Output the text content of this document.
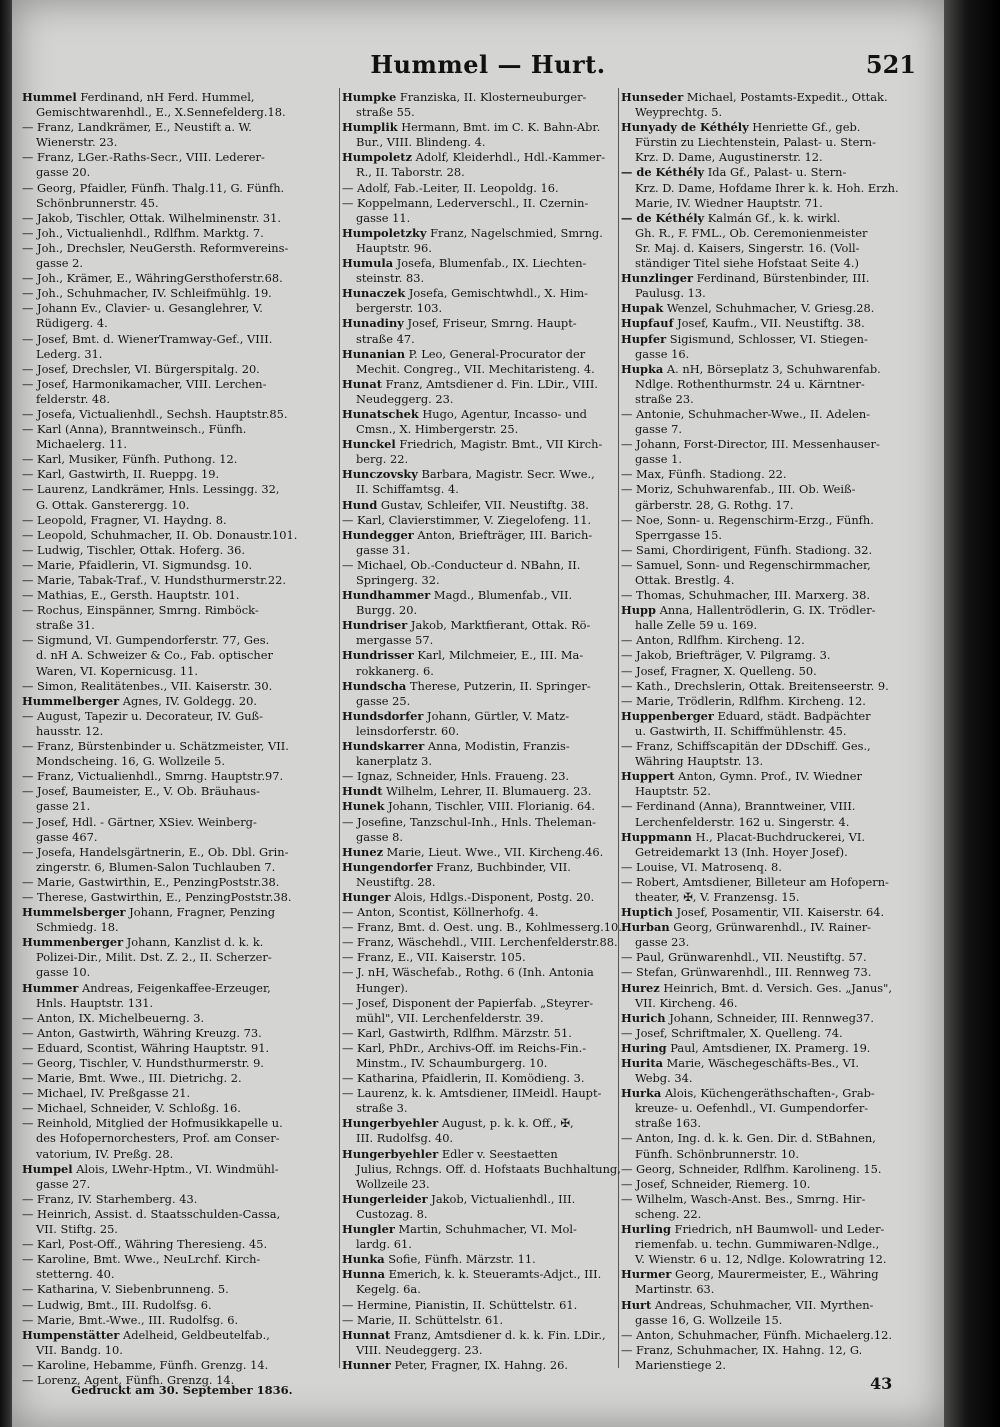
Hummel — Hurt.	521
Hummel Ferdinand, nH Ferd. Hummel,
Gemischtwarenhdl., E., X.Sennefelderg.18.
— Franz, Landkrämer, E., Neustift a. W.
Wienerstr. 23.
— Franz, LGer.-Raths-Secr., VIII. Lederer-
gasse 20.
— Georg, Pfaidler, Fünfh. Thalg.11, G. Fünfh.
Schönbrunnerstr. 45.
— Jakob, Tischler, Ottak. Wilhelminenstr. 31.
— Joh., Victualienhdl., Rdlfhm. Marktg. 7.
— Joh., Drechsler, NeuGersth. Reformvereins-
gasse 2.
— Joh., Krämer, E., WähringGersthoferstr.68.
— Joh., Schuhmacher, IV. Schleifmühlg. 19.
— Johann Ev., Clavier- u. Gesanglehrer, V.
Rüdigerg. 4.
— Josef, Bmt. d. WienerTramway-Gef., VIII.
Lederg. 31.
— Josef, Drechsler, VI. Bürgerspitalg. 20.
— Josef, Harmonikamacher, VIII. Lerchen-
felderstr. 48.
— Josefa, Victualienhdl., Sechsh. Hauptstr.85.
— Karl (Anna), Branntweinsch., Fünfh.
Michaelerg. 11.
— Karl, Musiker, Fünfh. Puthong. 12.
— Karl, Gastwirth, II. Rueppg. 19.
— Laurenz, Landkrämer, Hnls. Lessingg. 32,
G. Ottak. Gansterergg. 10.
— Leopold, Fragner, VI. Haydng. 8.
— Leopold, Schuhmacher, II. Ob. Donaustr.101.
— Ludwig, Tischler, Ottak. Hoferg. 36.
— Marie, Pfaidlerin, VI. Sigmundsg. 10.
— Marie, Tabak-Traf., V. Hundsthurmerstr.22.
— Mathias, E., Gersth. Hauptstr. 101.
— Rochus, Einspänner, Smrng. Rimböck-
straße 31.
— Sigmund, VI. Gumpendorferstr. 77, Ges.
d. nH A. Schweizer & Co., Fab. optischer
Waren, VI. Kopernicusg. 11.
— Simon, Realitätenbes., VII. Kaiserstr. 30.
Hummelberger Agnes, IV. Goldegg. 20.
— August, Tapezir u. Decorateur, IV. Guß-
hausstr. 12.
— Franz, Bürstenbinder u. Schätzmeister, VII.
Mondscheing. 16, G. Wollzeile 5.
— Franz, Victualienhdl., Smrng. Hauptstr.97.
— Josef, Baumeister, E., V. Ob. Bräuhaus-
gasse 21.
— Josef, Hdl. - Gärtner, XSiev. Weinberg-
gasse 467.
— Josefa, Handelsgärtnerin, E., Ob. Dbl. Grin-
zingerstr. 6, Blumen-Salon Tuchlauben 7.
— Marie, Gastwirthin, E., PenzingPoststr.38.
— Therese, Gastwirthin, E., PenzingPoststr.38.
Hummelsberger Johann, Fragner, Penzing
Schmiedg. 18.
Hummenberger Johann, Kanzlist d. k. k.
Polizei-Dir., Milit. Dst. Z. 2., II. Scherzer-
gasse 10.
Hummer Andreas, Feigenkaffee-Erzeuger,
Hnls. Hauptstr. 131.
— Anton, IX. Michelbeuerng. 3.
— Anton, Gastwirth, Währing Kreuzg. 73.
— Eduard, Scontist, Währing Hauptstr. 91.
— Georg, Tischler, V. Hundsthurmerstr. 9.
— Marie, Bmt. Wwe., III. Dietrichg. 2.
— Michael, IV. Preßgasse 21.
— Michael, Schneider, V. Schloßg. 16.
— Reinhold, Mitglied der Hofmusikkapelle u.
des Hofopernorchesters, Prof. am Conser-
vatorium, IV. Preßg. 28.
Humpel Alois, LWehr-Hptm., VI. Windmühl-
gasse 27.
— Franz, IV. Starhemberg. 43.
— Heinrich, Assist. d. Staatsschulden-Cassa,
VII. Stiftg. 25.
— Karl, Post-Off., Währing Theresieng. 45.
— Karoline, Bmt. Wwe., NeuLrchf. Kirch-
stetterng. 40.
— Katharina, V. Siebenbrunneng. 5.
— Ludwig, Bmt., III. Rudolfsg. 6.
— Marie, Bmt.-Wwe., III. Rudolfsg. 6.
Humpenstätter Adelheid, Geldbeutelfab.,
VII. Bandg. 10.
— Karoline, Hebamme, Fünfh. Grenzg. 14.
— Lorenz, Agent, Fünfh. Grenzg. 14.
Humpke Franziska, II. Klosterneuburger-
straße 55.
Humplik Hermann, Bmt. im C. K. Bahn-Abr.
Bur., VIII. Blindeng. 4.
Humpoletz Adolf, Kleiderhdl., Hdl.-Kammer-
R., II. Taborstr. 28.
— Adolf, Fab.-Leiter, II. Leopoldg. 16.
— Koppelmann, Lederverschl., II. Czernin-
gasse 11.
Humpoletzky Franz, Nagelschmied, Smrng.
Hauptstr. 96.
Humula Josefa, Blumenfab., IX. Liechten-
steinstr. 83.
Hunaczek Josefa, Gemischtwhdl., X. Him-
bergerstr. 103.
Hunadiny Josef, Friseur, Smrng. Haupt-
straße 47.
Hunanian P. Leo, General-Procurator der
Mechit. Congreg., VII. Mechitaristeng. 4.
Hunat Franz, Amtsdiener d. Fin. LDir., VIII.
Neudeggerg. 23.
Hunatschek Hugo, Agentur, Incasso- und
Cmsn., X. Himbergerstr. 25.
Hunckel Friedrich, Magistr. Bmt., VII Kirch-
berg. 22.
Hunczovsky Barbara, Magistr. Secr. Wwe.,
II. Schiffamtsg. 4.
Hund Gustav, Schleifer, VII. Neustiftg. 38.
— Karl, Clavierstimmer, V. Ziegelofeng. 11.
Hundegger Anton, Briefträger, III. Barich-
gasse 31.
— Michael, Ob.-Conducteur d. NBahn, II.
Springerg. 32.
Hundhammer Magd., Blumenfab., VII.
Burgg. 20.
Hundriser Jakob, Marktfierant, Ottak. Rö-
mergasse 57.
Hundrisser Karl, Milchmeier, E., III. Ma-
rokkanerg. 6.
Hundscha Therese, Putzerin, II. Springer-
gasse 25.
Hundsdorfer Johann, Gürtler, V. Matz-
leinsdorferstr. 60.
Hundskarrer Anna, Modistin, Franzis-
kanerplatz 3.
— Ignaz, Schneider, Hnls. Fraueng. 23.
Hundt Wilhelm, Lehrer, II. Blumauerg. 23.
Hunek Johann, Tischler, VIII. Florianig. 64.
— Josefine, Tanzschul-Inh., Hnls. Theleman-
gasse 8.
Hunez Marie, Lieut. Wwe., VII. Kircheng.46.
Hungendorfer Franz, Buchbinder, VII.
Neustiftg. 28.
Hunger Alois, Hdlgs.-Disponent, Postg. 20.
— Anton, Scontist, Köllnerhofg. 4.
— Franz, Bmt. d. Oest. ung. B., Kohlmesserg.10.
— Franz, Wäschehdl., VIII. Lerchenfelderstr.88.
— Franz, E., VII. Kaiserstr. 105.
— J. nH, Wäschefab., Rothg. 6 (Inh. Antonia
Hunger).
— Josef, Disponent der Papierfab. „Steyrer-
mühl", VII. Lerchenfelderstr. 39.
— Karl, Gastwirth, Rdlfhm. Märzstr. 51.
— Karl, PhDr., Archivs-Off. im Reichs-Fin.-
Minstm., IV. Schaumburgerg. 10.
— Katharina, Pfaidlerin, II. Komödieng. 3.
— Laurenz, k. k. Amtsdiener, IIMeidl. Haupt-
straße 3.
Hungerbyehler August, p. k. k. Off., ✠,
III. Rudolfsg. 40.
Hungerbyehler Edler v. Seestaetten
Julius, Rchngs. Off. d. Hofstaats Buchhaltung,
Wollzeile 23.
Hungerleider Jakob, Victualienhdl., III.
Custozag. 8.
Hungler Martin, Schuhmacher, VI. Mol-
lardg. 61.
Hunka Sofie, Fünfh. Märzstr. 11.
Hunna Emerich, k. k. Steueramts-Adjct., III.
Kegelg. 6a.
— Hermine, Pianistin, II. Schüttelstr. 61.
— Marie, II. Schüttelstr. 61.
Hunnat Franz, Amtsdiener d. k. k. Fin. LDir.,
VIII. Neudeggerg. 23.
Hunner Peter, Fragner, IX. Hahng. 26.
Hunseder Michael, Postamts-Expedit., Ottak.
Weyprechtg. 5.
Hunyady de Kéthély Henriette Gf., geb.
Fürstin zu Liechtenstein, Palast- u. Stern-
Krz. D. Dame, Augustinerstr. 12.
— de Kéthély Ida Gf., Palast- u. Stern-
Krz. D. Dame, Hofdame Ihrer k. k. Hoh. Erzh.
Marie, IV. Wiedner Hauptstr. 71.
— de Kéthély Kalmán Gf., k. k. wirkl.
Gh. R., F. FML., Ob. Ceremonienmeister
Sr. Maj. d. Kaisers, Singerstr. 16. (Voll-
ständiger Titel siehe Hofstaat Seite 4.)
Hunzlinger Ferdinand, Bürstenbinder, III.
Paulusg. 13.
Hupak Wenzel, Schuhmacher, V. Griesg.28.
Hupfauf Josef, Kaufm., VII. Neustiftg. 38.
Hupfer Sigismund, Schlosser, VI. Stiegen-
gasse 16.
Hupka A. nH, Börseplatz 3, Schuhwarenfab.
Ndlge. Rothenthurmstr. 24 u. Kärntner-
straße 23.
— Antonie, Schuhmacher-Wwe., II. Adelen-
gasse 7.
— Johann, Forst-Director, III. Messenhauser-
gasse 1.
— Max, Fünfh. Stadiong. 22.
— Moriz, Schuhwarenfab., III. Ob. Weiß-
gärberstr. 28, G. Rothg. 17.
— Noe, Sonn- u. Regenschirm-Erzg., Fünfh.
Sperrgasse 15.
— Sami, Chordirigent, Fünfh. Stadiong. 32.
— Samuel, Sonn- und Regenschirmmacher,
Ottak. Brestlg. 4.
— Thomas, Schuhmacher, III. Marxerg. 38.
Hupp Anna, Hallentrödlerin, G. IX. Trödler-
halle Zelle 59 u. 169.
— Anton, Rdlfhm. Kircheng. 12.
— Jakob, Briefträger, V. Pilgramg. 3.
— Josef, Fragner, X. Quelleng. 50.
— Kath., Drechslerin, Ottak. Breitenseerstr. 9.
— Marie, Trödlerin, Rdlfhm. Kircheng. 12.
Huppenberger Eduard, städt. Badpächter
u. Gastwirth, II. Schiffmühlenstr. 45.
— Franz, Schiffscapitän der DDschiff. Ges.,
Währing Hauptstr. 13.
Huppert Anton, Gymn. Prof., IV. Wiedner
Hauptstr. 52.
— Ferdinand (Anna), Branntweiner, VIII.
Lerchenfelderstr. 162 u. Singerstr. 4.
Huppmann H., Placat-Buchdruckerei, VI.
Getreidemarkt 13 (Inh. Hoyer Josef).
— Louise, VI. Matrosenq. 8.
— Robert, Amtsdiener, Billeteur am Hofopern-
theater, ✠, V. Franzensg. 15.
Huptich Josef, Posamentir, VII. Kaiserstr. 64.
Hurban Georg, Grünwarenhdl., IV. Rainer-
gasse 23.
— Paul, Grünwarenhdl., VII. Neustiftg. 57.
— Stefan, Grünwarenhdl., III. Rennweg 73.
Hurez Heinrich, Bmt. d. Versich. Ges. „Janus",
VII. Kircheng. 46.
Hurich Johann, Schneider, III. Rennweg37.
— Josef, Schriftmaler, X. Quelleng. 74.
Huring Paul, Amtsdiener, IX. Pramerg. 19.
Hurita Marie, Wäschegeschäfts-Bes., VI.
Webg. 34.
Hurka Alois, Küchengeräthschaften-, Grab-
kreuze- u. Oefenhdl., VI. Gumpendorfer-
straße 163.
— Anton, Ing. d. k. k. Gen. Dir. d. StBahnen,
Fünfh. Schönbrunnerstr. 10.
— Georg, Schneider, Rdlfhm. Karolineng. 15.
— Josef, Schneider, Riemerg. 10.
— Wilhelm, Wasch-Anst. Bes., Smrng. Hir-
scheng. 22.
Hurling Friedrich, nH Baumwoll- und Leder-
riemenfab. u. techn. Gummiwaren-Ndlge.,
V. Wienstr. 6 u. 12, Ndlge. Kolowratring 12.
Hurmer Georg, Maurermeister, E., Währing
Martinstr. 63.
Hurt Andreas, Schuhmacher, VII. Myrthen-
gasse 16, G. Wollzeile 15.
— Anton, Schuhmacher, Fünfh. Michaelerg.12.
— Franz, Schuhmacher, IX. Hahng. 12, G.
Marienstiege 2.
Gedruckt am 30. September 1836.	43
